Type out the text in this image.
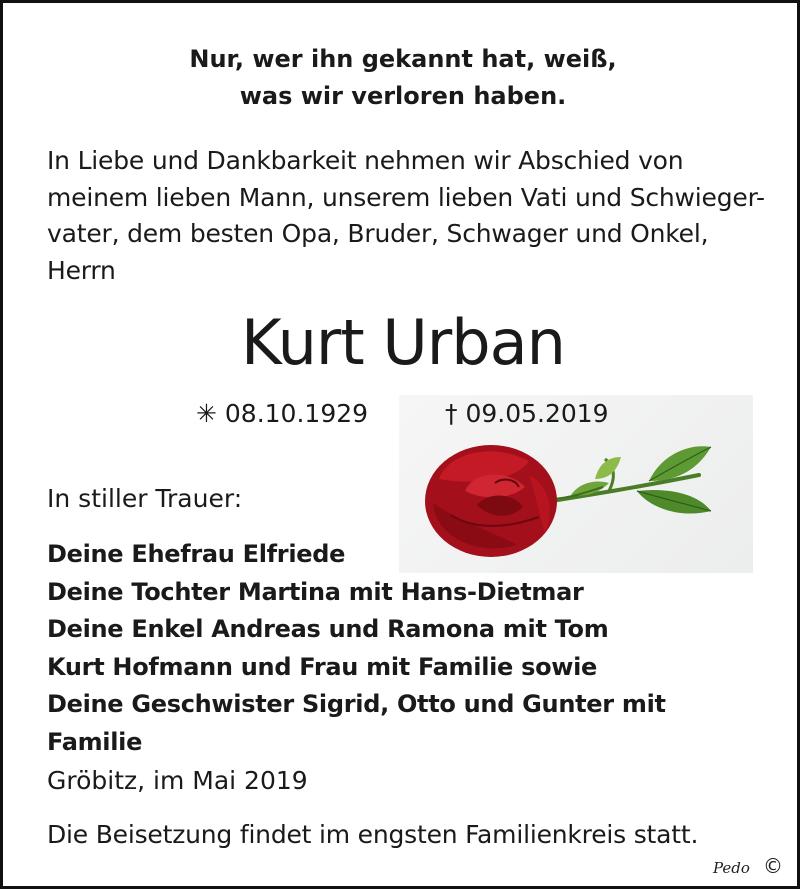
Nur, wer ihn gekannt hat, weiß,
was wir verloren haben.
In Liebe und Dankbarkeit nehmen wir Abschied von
meinem lieben Mann, unserem lieben Vati und Schwieger-
vater, dem besten Opa, Bruder, Schwager und Onkel,
Herrn
Kurt Urban
✳ 08.10.1929	† 09.05.2019
In stiller Trauer:
Deine Ehefrau Elfriede
Deine Tochter Martina mit Hans-Dietmar
Deine Enkel Andreas und Ramona mit Tom
Kurt Hofmann und Frau mit Familie sowie
Deine Geschwister Sigrid, Otto und Gunter mit Familie
Gröbitz, im Mai 2019
Die Beisetzung findet im engsten Familienkreis statt.
Pedo ©
